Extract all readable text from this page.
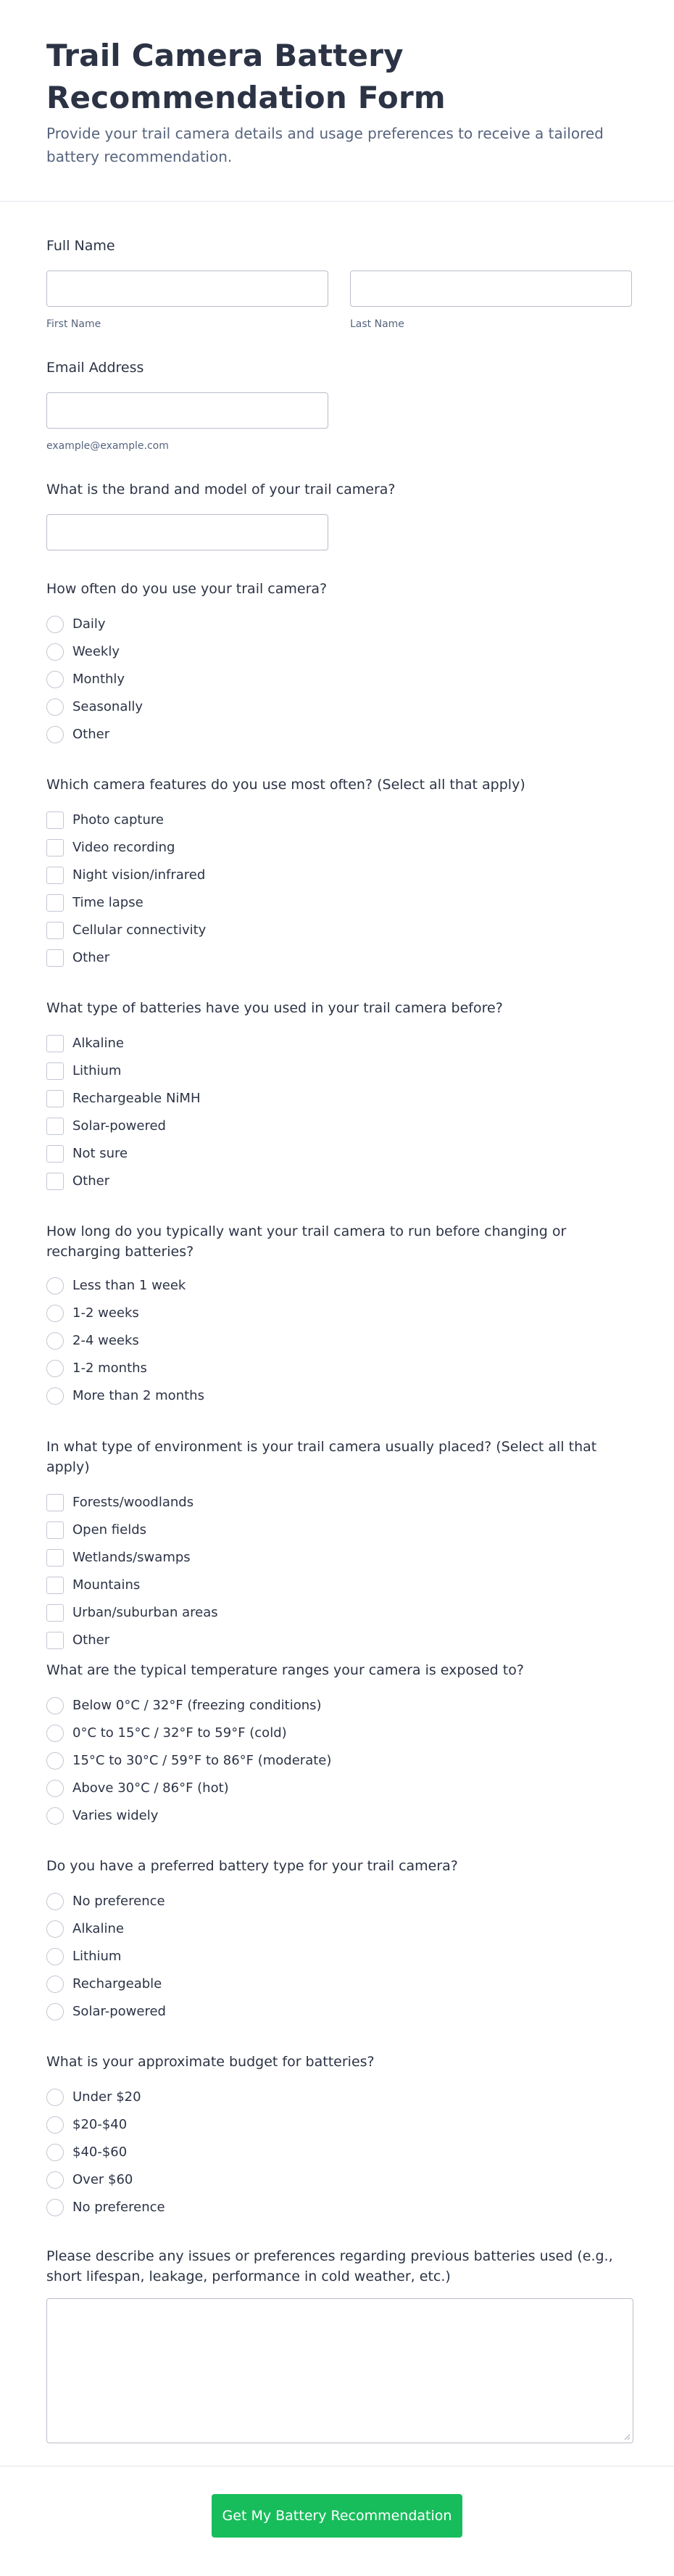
Trail Camera Battery Recommendation Form

Provide your trail camera details and usage preferences to receive a tailored battery recommendation.

Full Name
First Name	Last Name
Email Address
example@example.com
What is the brand and model of your trail camera?
How often do you use your trail camera?
Daily
Weekly
Monthly
Seasonally
Other
Which camera features do you use most often? (Select all that apply)
Photo capture
Video recording
Night vision/infrared
Time lapse
Cellular connectivity
Other
What type of batteries have you used in your trail camera before?
Alkaline
Lithium
Rechargeable NiMH
Solar-powered
Not sure
Other
How long do you typically want your trail camera to run before changing or recharging batteries?
Less than 1 week
1-2 weeks
2-4 weeks
1-2 months
More than 2 months
In what type of environment is your trail camera usually placed? (Select all that apply)
Forests/woodlands
Open fields
Wetlands/swamps
Mountains
Urban/suburban areas
Other
What are the typical temperature ranges your camera is exposed to?
Below 0°C / 32°F (freezing conditions)
0°C to 15°C / 32°F to 59°F (cold)
15°C to 30°C / 59°F to 86°F (moderate)
Above 30°C / 86°F (hot)
Varies widely
Do you have a preferred battery type for your trail camera?
No preference
Alkaline
Lithium
Rechargeable
Solar-powered
What is your approximate budget for batteries?
Under $20
$20-$40
$40-$60
Over $60
No preference
Please describe any issues or preferences regarding previous batteries used (e.g., short lifespan, leakage, performance in cold weather, etc.)
Get My Battery Recommendation
